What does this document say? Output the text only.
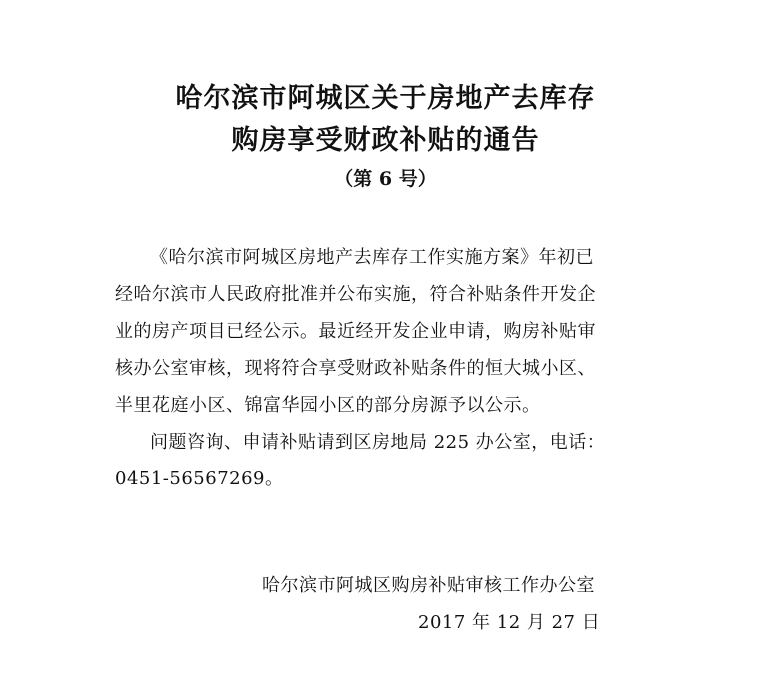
哈尔滨市阿城区关于房地产去库存
购房享受财政补贴的通告
（第 6 号）
《哈尔滨市阿城区房地产去库存工作实施方案》年初已
经哈尔滨市人民政府批准并公布实施，符合补贴条件开发企
业的房产项目已经公示。最近经开发企业申请，购房补贴审
核办公室审核，现将符合享受财政补贴条件的恒大城小区、
半里花庭小区、锦富华园小区的部分房源予以公示。
问题咨询、申请补贴请到区房地局 225 办公室，电话：
0451-56567269。
哈尔滨市阿城区购房补贴审核工作办公室
2017 年 12 月 27 日
